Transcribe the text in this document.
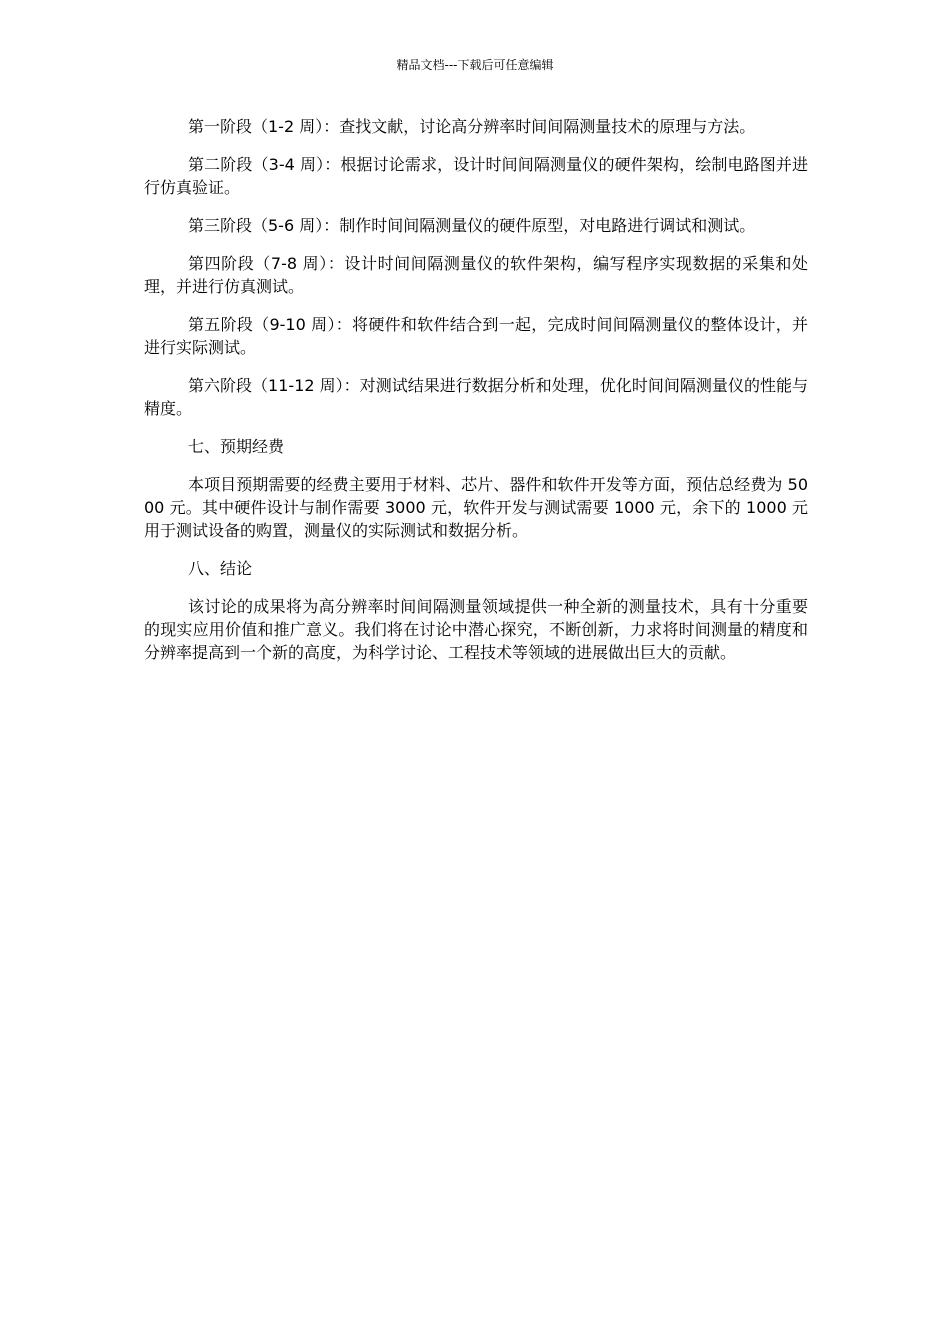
精品文档---下载后可任意编辑

第一阶段（1-2 周）：查找文献，讨论高分辨率时间间隔测量技术的原理与方法。

第二阶段（3-4 周）：根据讨论需求，设计时间间隔测量仪的硬件架构，绘制电路图并进行仿真验证。

第三阶段（5-6 周）：制作时间间隔测量仪的硬件原型，对电路进行调试和测试。

第四阶段（7-8 周）：设计时间间隔测量仪的软件架构，编写程序实现数据的采集和处理，并进行仿真测试。

第五阶段（9-10 周）：将硬件和软件结合到一起，完成时间间隔测量仪的整体设计，并进行实际测试。

第六阶段（11-12 周）：对测试结果进行数据分析和处理，优化时间间隔测量仪的性能与精度。

七、预期经费

本项目预期需要的经费主要用于材料、芯片、器件和软件开发等方面，预估总经费为 5000 元。其中硬件设计与制作需要 3000 元，软件开发与测试需要 1000 元，余下的 1000 元用于测试设备的购置，测量仪的实际测试和数据分析。

八、结论

该讨论的成果将为高分辨率时间间隔测量领域提供一种全新的测量技术，具有十分重要的现实应用价值和推广意义。我们将在讨论中潜心探究，不断创新，力求将时间测量的精度和分辨率提高到一个新的高度，为科学讨论、工程技术等领域的进展做出巨大的贡献。
